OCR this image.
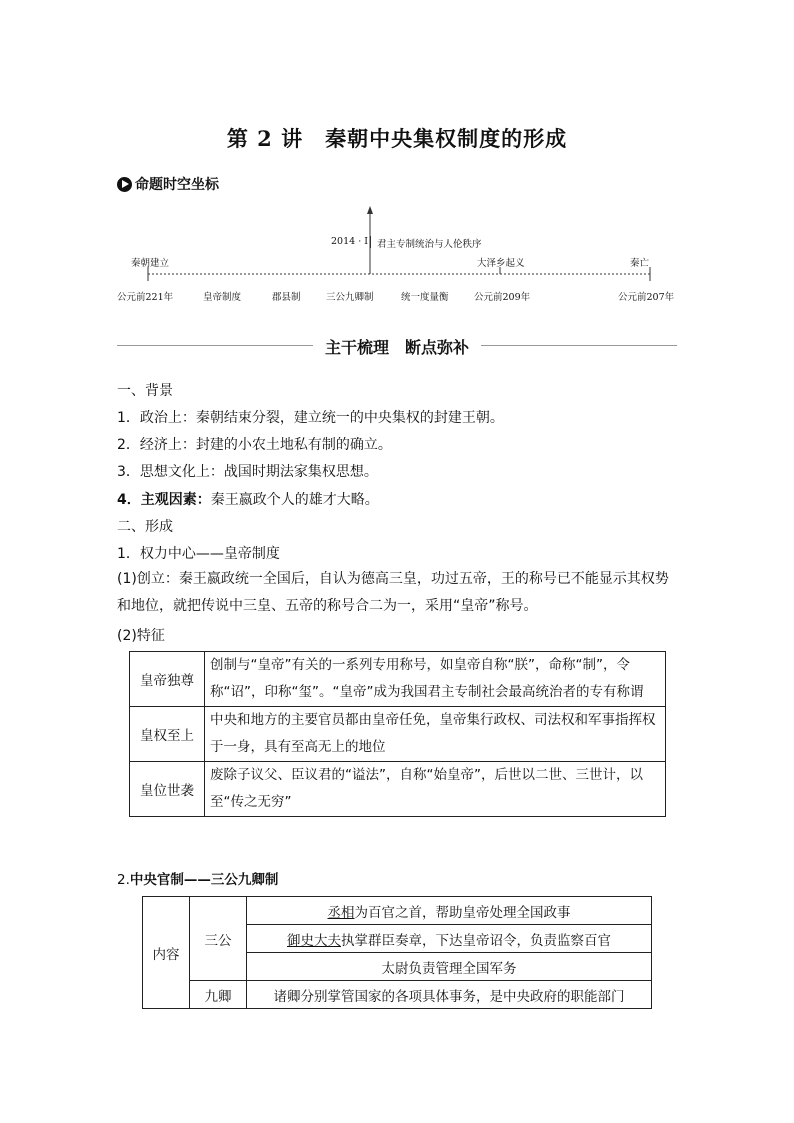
第 2 讲　秦朝中央集权制度的形成
命题时空坐标
2014 · Ⅰ 君主专制统治与人伦秩序
秦朝建立	大泽乡起义	秦亡
公元前221年	皇帝制度	郡县制	三公九卿制	统一度量衡	公元前209年	公元前207年
主干梳理　断点弥补
一、背景
1．政治上：秦朝结束分裂，建立统一的中央集权的封建王朝。
2．经济上：封建的小农土地私有制的确立。
3．思想文化上：战国时期法家集权思想。
4．主观因素：秦王嬴政个人的雄才大略。
二、形成
1．权力中心——皇帝制度
(1)创立：秦王嬴政统一全国后，自认为德高三皇，功过五帝，王的称号已不能显示其权势和地位，就把传说中三皇、五帝的称号合二为一，采用“皇帝”称号。
(2)特征
皇帝独尊	创制与“皇帝”有关的一系列专用称号，如皇帝自称“朕”，命称“制”，令称“诏”，印称“玺”。“皇帝”成为我国君主专制社会最高统治者的专有称谓
皇权至上	中央和地方的主要官员都由皇帝任免，皇帝集行政权、司法权和军事指挥权于一身，具有至高无上的地位
皇位世袭	废除子议父、臣议君的“谥法”，自称“始皇帝”，后世以二世、三世计，以至“传之无穷”
2.中央官制——三公九卿制
内容	三公	丞相为百官之首，帮助皇帝处理全国政事
		御史大夫执掌群臣奏章，下达皇帝诏令，负责监察百官
		太尉负责管理全国军务
	九卿	诸卿分别掌管国家的各项具体事务，是中央政府的职能部门
